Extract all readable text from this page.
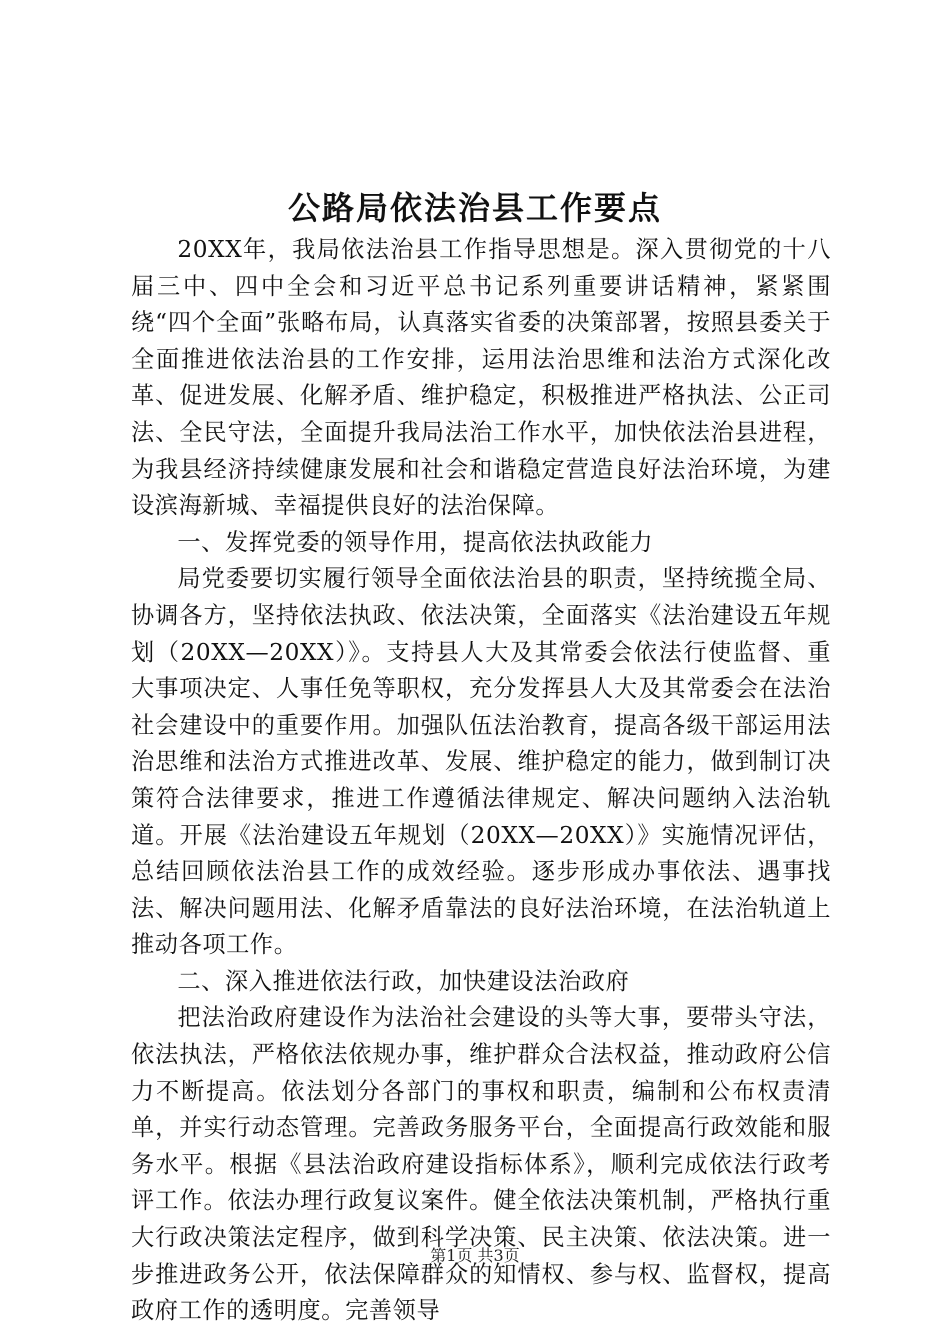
公路局依法治县工作要点

20XX年，我局依法治县工作指导思想是。深入贯彻党的十八届三中、四中全会和习近平总书记系列重要讲话精神，紧紧围绕“四个全面”张略布局，认真落实省委的决策部署，按照县委关于全面推进依法治县的工作安排，运用法治思维和法治方式深化改革、促进发展、化解矛盾、维护稳定，积极推进严格执法、公正司法、全民守法，全面提升我局法治工作水平，加快依法治县进程，为我县经济持续健康发展和社会和谐稳定营造良好法治环境，为建设滨海新城、幸福提供良好的法治保障。

一、发挥党委的领导作用，提高依法执政能力

局党委要切实履行领导全面依法治县的职责，坚持统揽全局、协调各方，坚持依法执政、依法决策，全面落实《法治建设五年规划（20XX—20XX）》。支持县人大及其常委会依法行使监督、重大事项决定、人事任免等职权，充分发挥县人大及其常委会在法治社会建设中的重要作用。加强队伍法治教育，提高各级干部运用法治思维和法治方式推进改革、发展、维护稳定的能力，做到制订决策符合法律要求，推进工作遵循法律规定、解决问题纳入法治轨道。开展《法治建设五年规划（20XX—20XX）》实施情况评估，总结回顾依法治县工作的成效经验。逐步形成办事依法、遇事找法、解决问题用法、化解矛盾靠法的良好法治环境，在法治轨道上推动各项工作。

二、深入推进依法行政，加快建设法治政府

把法治政府建设作为法治社会建设的头等大事，要带头守法，依法执法，严格依法依规办事，维护群众合法权益，推动政府公信力不断提高。依法划分各部门的事权和职责，编制和公布权责清单，并实行动态管理。完善政务服务平台，全面提高行政效能和服务水平。根据《县法治政府建设指标体系》，顺利完成依法行政考评工作。依法办理行政复议案件。健全依法决策机制，严格执行重大行政决策法定程序，做到科学决策、民主决策、依法决策。进一步推进政务公开，依法保障群众的知情权、参与权、监督权，提高政府工作的透明度。完善领导

第1页 共3页
